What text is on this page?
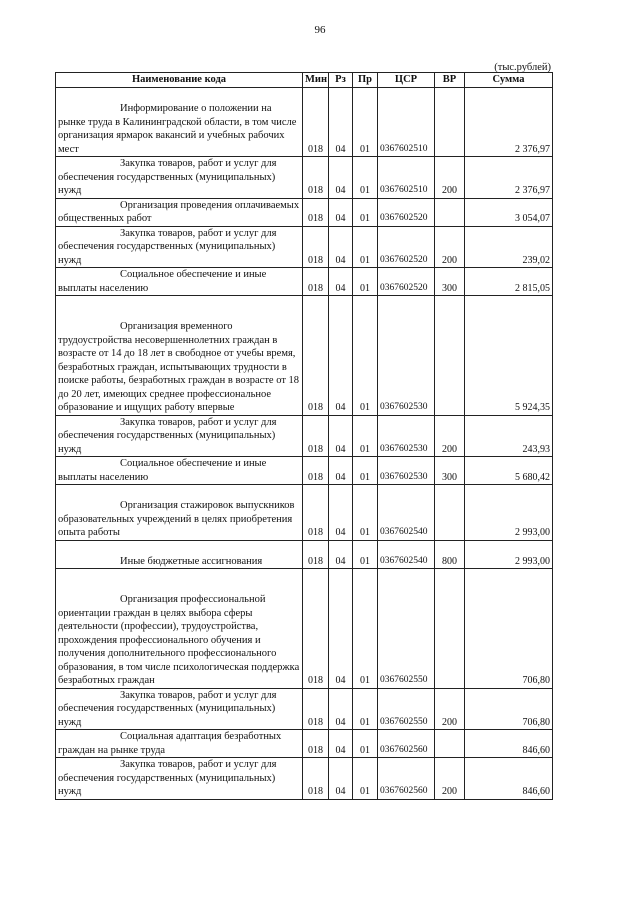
96
(тыс.рублей)
Наименование кода	Мин	Рз	Пр	ЦСР	ВР	Сумма

Информирование о положении на рынке труда в Калининградской области, в том числе организация ярмарок вакансий и учебных рабочих мест	018	04	01	0367602510		2 376,97

Закупка товаров, работ и услуг для обеспечения государственных (муниципальных) нужд	018	04	01	0367602510	200	2 376,97

Организация проведения оплачиваемых общественных работ	018	04	01	0367602520		3 054,07

Закупка товаров, работ и услуг для обеспечения государственных (муниципальных) нужд	018	04	01	0367602520	200	239,02

Социальное обеспечение и иные выплаты населению	018	04	01	0367602520	300	2 815,05

Организация временного трудоустройства несовершеннолетних граждан в возрасте от 14 до 18 лет в свободное от учебы время, безработных граждан, испытывающих трудности в поиске работы, безработных граждан в возрасте от 18 до 20 лет, имеющих среднее профессиональное образование и ищущих работу впервые	018	04	01	0367602530		5 924,35

Закупка товаров, работ и услуг для обеспечения государственных (муниципальных) нужд	018	04	01	0367602530	200	243,93

Социальное обеспечение и иные выплаты населению	018	04	01	0367602530	300	5 680,42

Организация стажировок выпускников образовательных учреждений в целях приобретения опыта работы	018	04	01	0367602540		2 993,00

Иные бюджетные ассигнования	018	04	01	0367602540	800	2 993,00

Организация профессиональной ориентации граждан в целях выбора сферы деятельности (профессии), трудоустройства, прохождения профессионального обучения и получения дополнительного профессионального образования, в том числе психологическая поддержка безработных граждан	018	04	01	0367602550		706,80

Закупка товаров, работ и услуг для обеспечения государственных (муниципальных) нужд	018	04	01	0367602550	200	706,80

Социальная адаптация безработных граждан на рынке труда	018	04	01	0367602560		846,60

Закупка товаров, работ и услуг для обеспечения государственных (муниципальных) нужд	018	04	01	0367602560	200	846,60
